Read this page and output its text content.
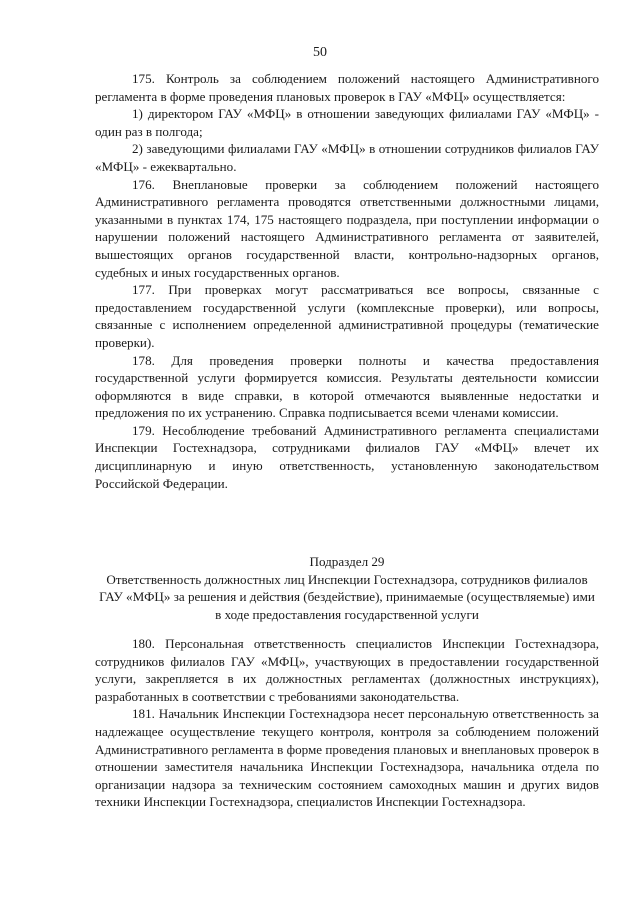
50

175. Контроль за соблюдением положений настоящего Административного регламента в форме проведения плановых проверок в ГАУ «МФЦ» осуществляется:

1) директором ГАУ «МФЦ» в отношении заведующих филиалами ГАУ «МФЦ» - один раз в полгода;

2) заведующими филиалами ГАУ «МФЦ» в отношении сотрудников филиалов ГАУ «МФЦ» - ежеквартально.

176. Внеплановые проверки за соблюдением положений настоящего Административного регламента проводятся ответственными должностными лицами, указанными в пунктах 174, 175 настоящего подраздела, при поступлении информации о нарушении положений настоящего Административного регламента от заявителей, вышестоящих органов государственной власти, контрольно-надзорных органов, судебных и иных государственных органов.

177. При проверках могут рассматриваться все вопросы, связанные с предоставлением государственной услуги (комплексные проверки), или вопросы, связанные с исполнением определенной административной процедуры (тематические проверки).

178. Для проведения проверки полноты и качества предоставления государственной услуги формируется комиссия. Результаты деятельности комиссии оформляются в виде справки, в которой отмечаются выявленные недостатки и предложения по их устранению. Справка подписывается всеми членами комиссии.

179. Несоблюдение требований Административного регламента специалистами Инспекции Гостехнадзора, сотрудниками филиалов ГАУ «МФЦ» влечет их дисциплинарную и иную ответственность, установленную законодательством Российской Федерации.

Подраздел 29

Ответственность должностных лиц Инспекции Гостехнадзора, сотрудников филиалов ГАУ «МФЦ» за решения и действия (бездействие), принимаемые (осуществляемые) ими в ходе предоставления государственной услуги

180. Персональная ответственность специалистов Инспекции Гостехнадзора, сотрудников филиалов ГАУ «МФЦ», участвующих в предоставлении государственной услуги, закрепляется в их должностных регламентах (должностных инструкциях), разработанных в соответствии с требованиями законодательства.

181. Начальник Инспекции Гостехнадзора несет персональную ответственность за надлежащее осуществление текущего контроля, контроля за соблюдением положений Административного регламента в форме проведения плановых и внеплановых проверок в отношении заместителя начальника Инспекции Гостехнадзора, начальника отдела по организации надзора за техническим состоянием самоходных машин и других видов техники Инспекции Гостехнадзора, специалистов Инспекции Гостехнадзора.
